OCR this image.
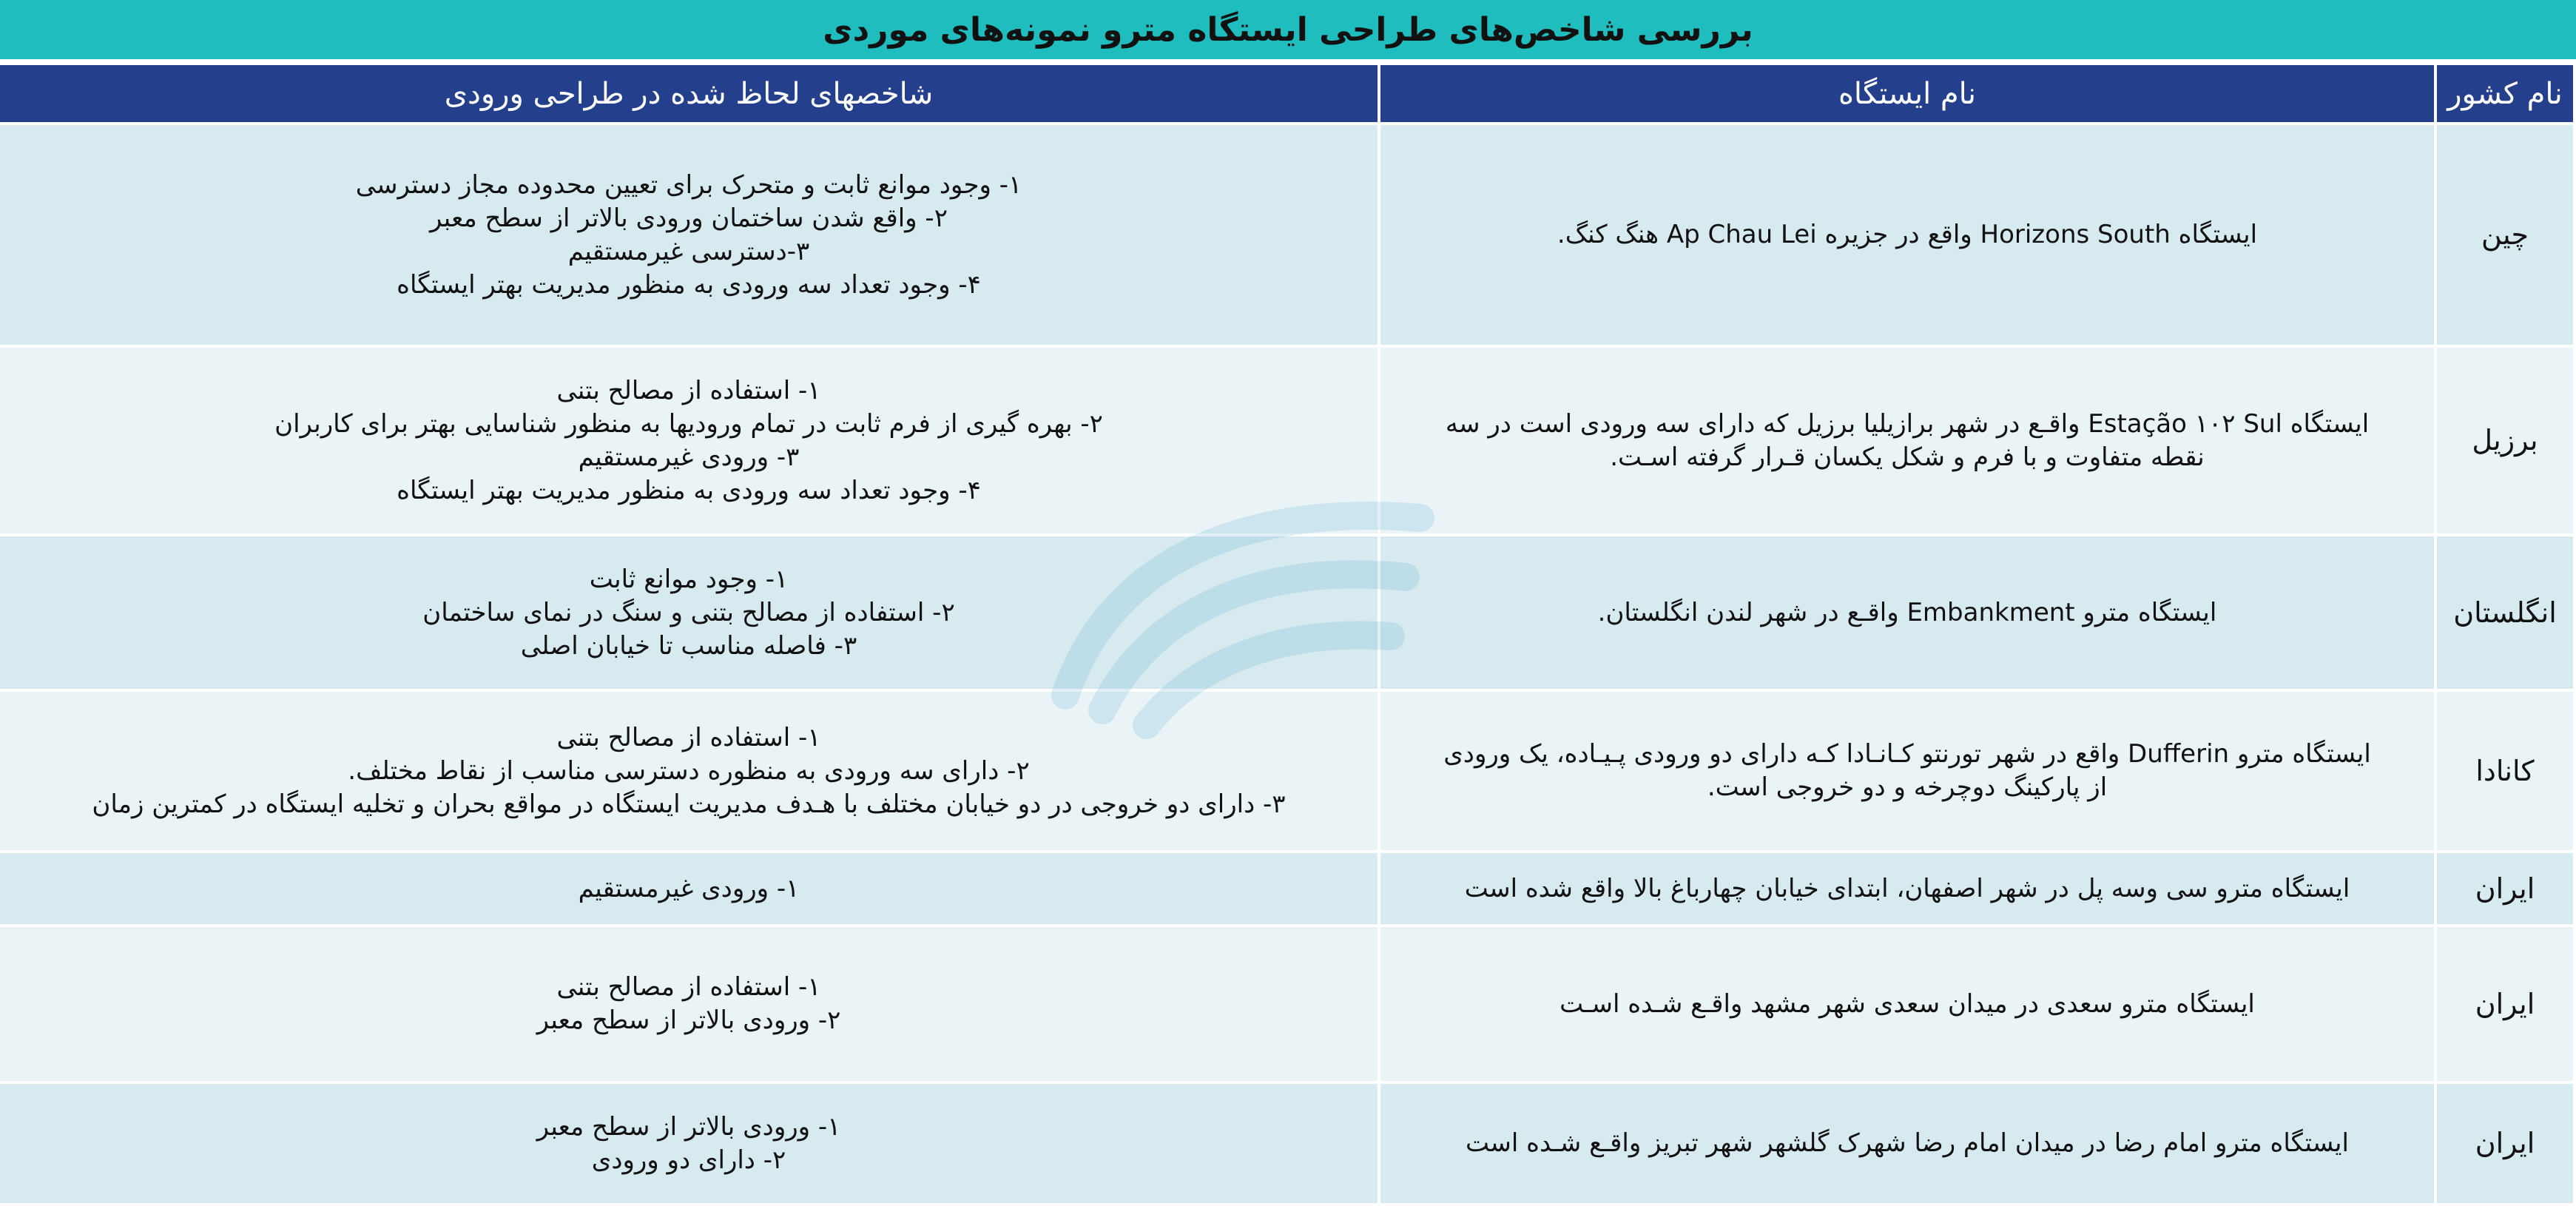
بررسی شاخص‌های طراحی ایستگاه مترو نمونه‌های موردی
نام کشور	نام ایستگاه	شاخصهای لحاظ شده در طراحی ورودی
چین	ایستگاه Horizons South واقع در جزیره Ap Chau Lei هنگ کنگ.	۱- وجود موانع ثابت و متحرک برای تعیین محدوده مجاز دسترسی
۲- واقع شدن ساختمان ورودی بالاتر از سطح معبر
۳-دسترسی غیرمستقیم
۴- وجود تعداد سه ورودی به منظور مدیریت بهتر ایستگاه

برزیل	ایستگاه Estação ۱۰۲ Sul واقـع در شهر برازیلیا برزیل که دارای سه ورودی است در سه
نقطه متفاوت و با فرم و شکل یکسان قـرار گرفته اسـت.	۱- استفاده از مصالح بتنی
۲- بهره گیری از فرم ثابت در تمام ورودیها به منظور شناسایی بهتر برای کاربران
۳- ورودی غیرمستقیم
۴- وجود تعداد سه ورودی به منظور مدیریت بهتر ایستگاه

انگلستان	ایستگاه مترو Embankment واقـع در شهر لندن انگلستان.	۱- وجود موانع ثابت
۲- استفاده از مصالح بتنی و سنگ در نمای ساختمان
۳- فاصله مناسب تا خیابان اصلی

کانادا	ایستگاه مترو Dufferin واقع در شهر تورنتو کـانـادا کـه دارای دو ورودی پـیـاده، یک ورودی
از پارکینگ دوچرخه و دو خروجی است.	۱- استفاده از مصالح بتنی
۲- دارای سه ورودی به منظوره دسترسی مناسب از نقاط مختلف.
۳- دارای دو خروجی در دو خیابان مختلف با هـدف مدیریت ایستگاه در مواقع بحران و تخلیه ایستگاه در کمترین زمان

ایران	ایستگاه مترو سی وسه پل در شهر اصفهان، ابتدای خیابان چهارباغ بالا واقع شده است	۱- ورودی غیرمستقیم

ایران	ایستگاه مترو سعدی در میدان سعدی شهر مشهد واقـع شـده اسـت	۱- استفاده از مصالح بتنی
۲- ورودی بالاتر از سطح معبر

ایران	ایستگاه مترو امام رضا در میدان امام رضا شهرک گلشهر شهر تبریز واقـع شـده است	۱- ورودی بالاتر از سطح معبر
۲- دارای دو ورودی
